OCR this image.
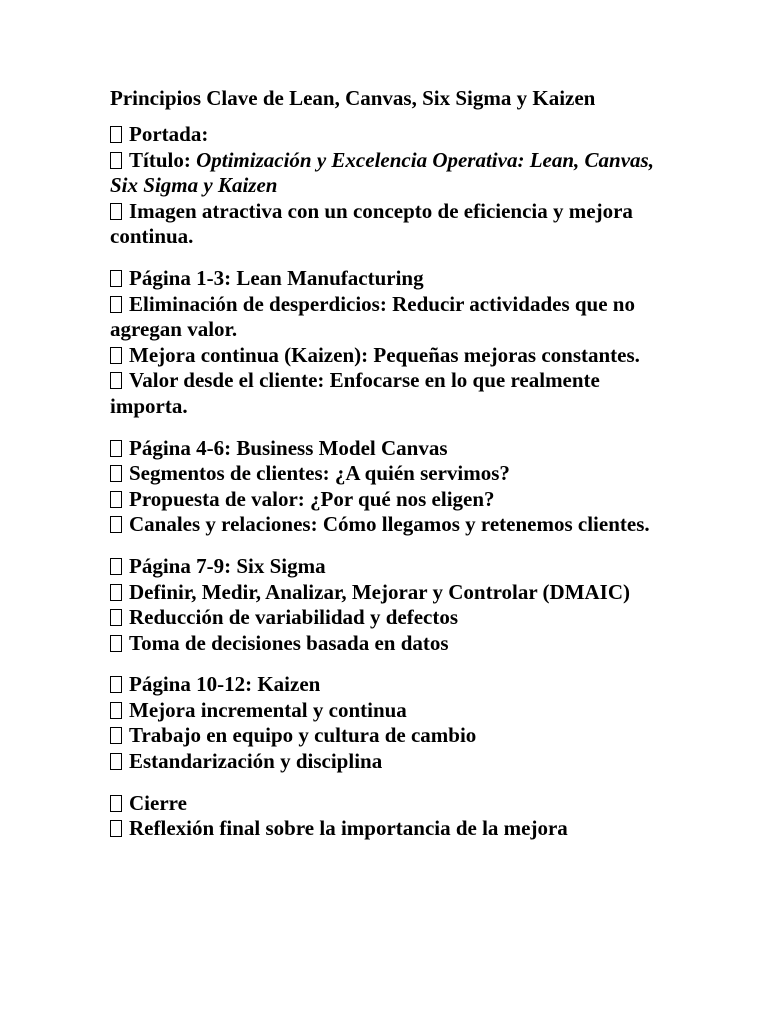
Principios Clave de Lean, Canvas, Six Sigma y Kaizen

Portada:

Título: Optimización y Excelencia Operativa: Lean, Canvas, Six Sigma y Kaizen

Imagen atractiva con un concepto de eficiencia y mejora continua.

Página 1-3: Lean Manufacturing

Eliminación de desperdicios: Reducir actividades que no agregan valor.

Mejora continua (Kaizen): Pequeñas mejoras constantes.

Valor desde el cliente: Enfocarse en lo que realmente importa.

Página 4-6: Business Model Canvas

Segmentos de clientes: ¿A quién servimos?

Propuesta de valor: ¿Por qué nos eligen?

Canales y relaciones: Cómo llegamos y retenemos clientes.

Página 7-9: Six Sigma

Definir, Medir, Analizar, Mejorar y Controlar (DMAIC)

Reducción de variabilidad y defectos

Toma de decisiones basada en datos

Página 10-12: Kaizen

Mejora incremental y continua

Trabajo en equipo y cultura de cambio

Estandarización y disciplina

Cierre

Reflexión final sobre la importancia de la mejora
